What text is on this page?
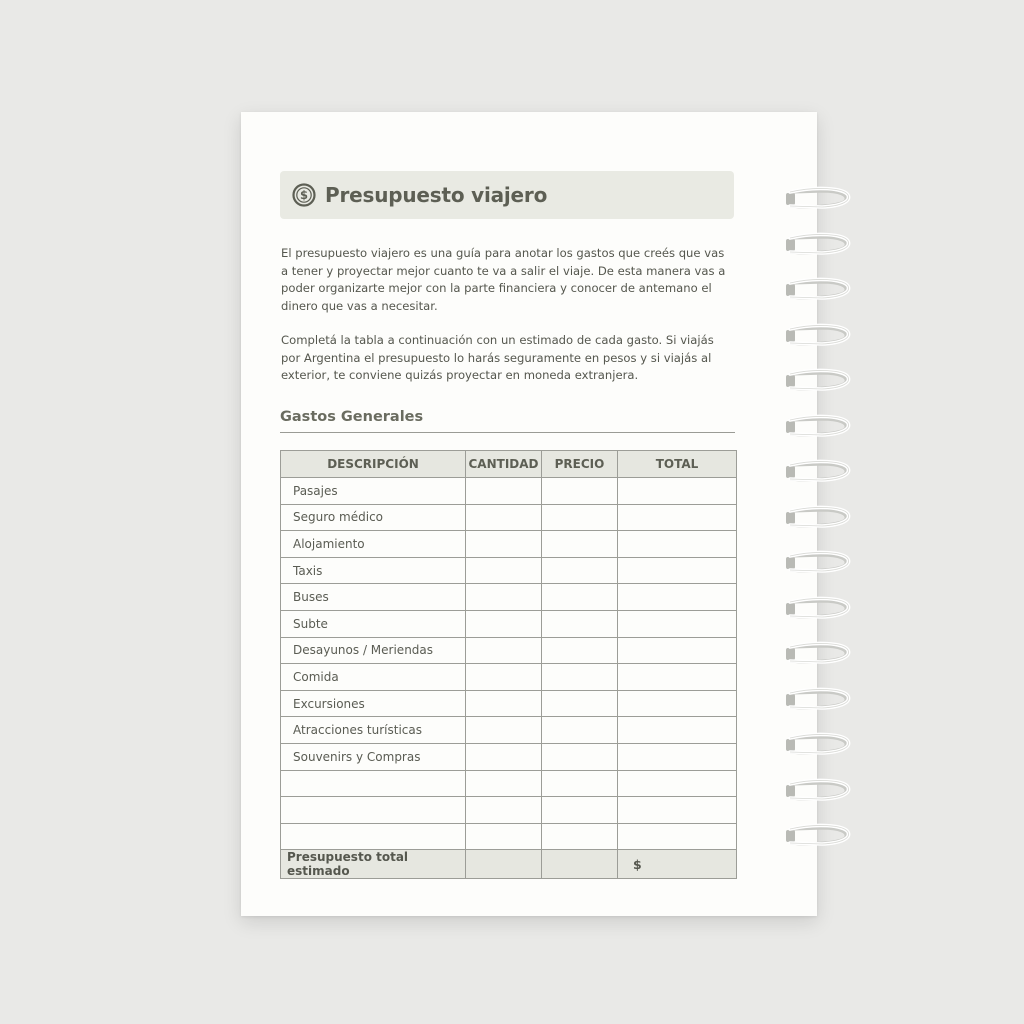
$ Presupuesto viajero

El presupuesto viajero es una guía para anotar los gastos que creés que vas a tener y proyectar mejor cuanto te va a salir el viaje. De esta manera vas a poder organizarte mejor con la parte financiera y conocer de antemano el dinero que vas a necesitar.

Completá la tabla a continuación con un estimado de cada gasto. Si viajás por Argentina el presupuesto lo harás seguramente en pesos y si viajás al exterior, te conviene quizás proyectar en moneda extranjera.

Gastos Generales
DESCRIPCIÓN	CANTIDAD	PRECIO	TOTAL
Pasajes			
Seguro médico			
Alojamiento			
Taxis			
Buses			
Subte			
Desayunos / Meriendas			
Comida			
Excursiones			
Atracciones turísticas			
Souvenirs y Compras			

Presupuesto total estimado			$
